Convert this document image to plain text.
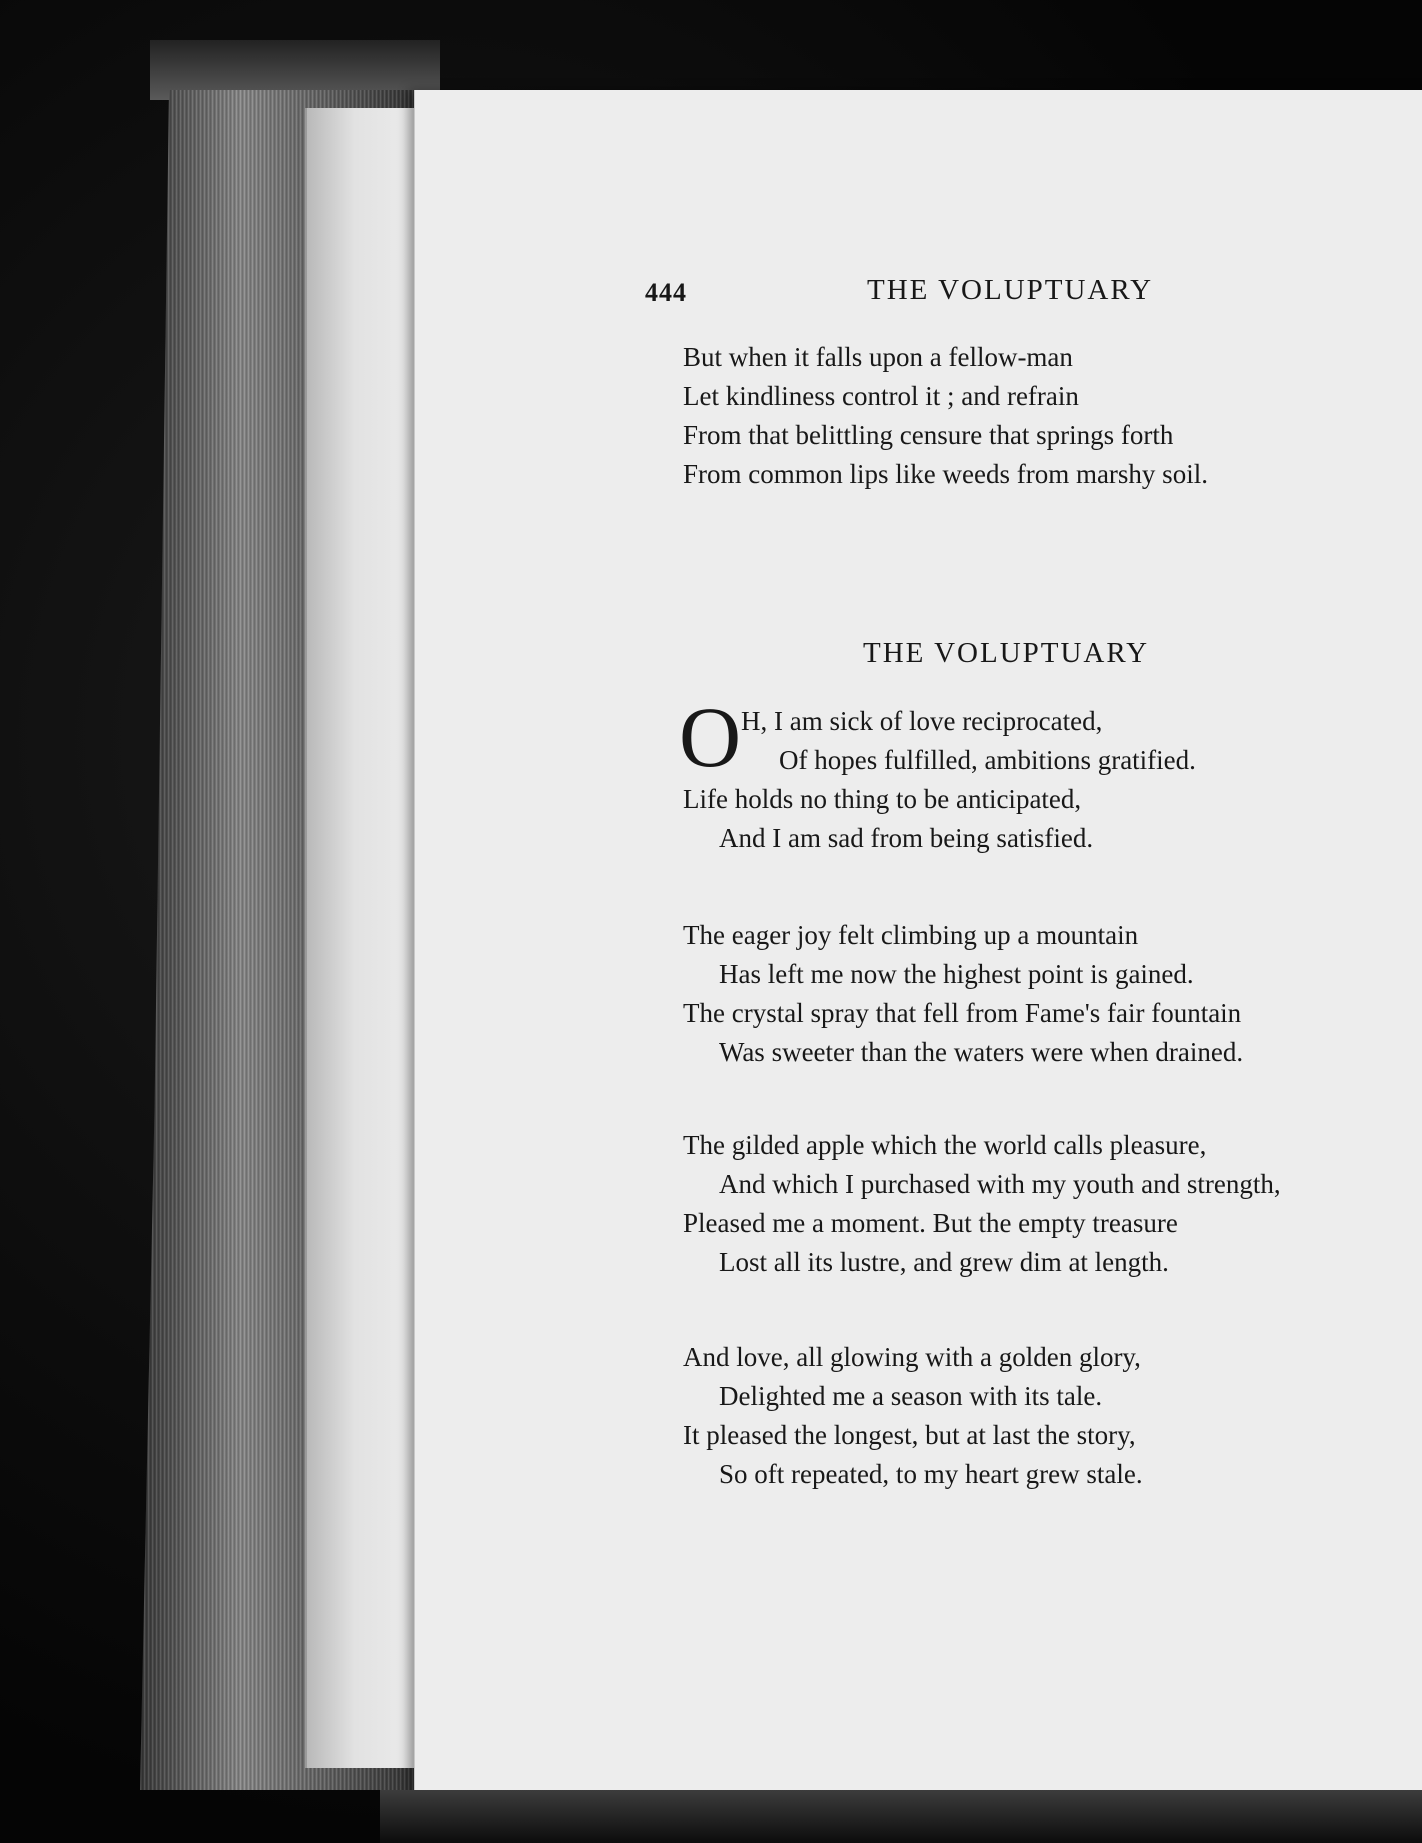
444	THE VOLUPTUARY
But when it falls upon a fellow-man
Let kindliness control it ; and refrain
From that belittling censure that springs forth
From common lips like weeds from marshy soil.
THE VOLUPTUARY
O H, I am sick of love reciprocated,
Of hopes fulfilled, ambitions gratified.
Life holds no thing to be anticipated,
And I am sad from being satisfied.
The eager joy felt climbing up a mountain
Has left me now the highest point is gained.
The crystal spray that fell from Fame's fair fountain
Was sweeter than the waters were when drained.
The gilded apple which the world calls pleasure,
And which I purchased with my youth and strength,
Pleased me a moment. But the empty treasure
Lost all its lustre, and grew dim at length.
And love, all glowing with a golden glory,
Delighted me a season with its tale.
It pleased the longest, but at last the story,
So oft repeated, to my heart grew stale.
